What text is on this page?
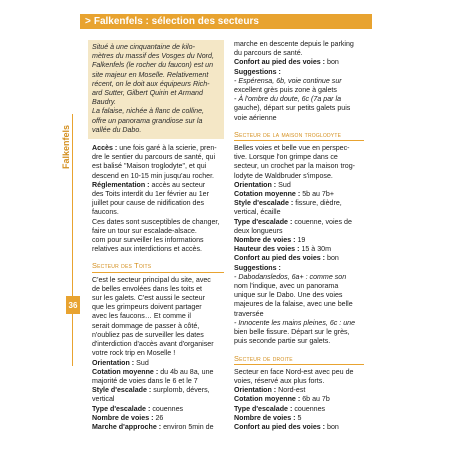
> Falkenfels : sélection des secteurs
Falkenfels
36

Situé à une cinquantaine de kilo-

mètres du massif des Vosges du Nord,

Falkenfels (le rocher du faucon) est un

site majeur en Moselle. Relativement

récent, on le doit aux équipeurs Rich-

ard Sutter, Gilbert Quirin et Armand

Baudry.

La falaise, nichée à flanc de colline,

offre un panorama grandiose sur la

vallée du Dabo.

Accès : une fois garé à la scierie, pren-

dre le sentier du parcours de santé, qui

est balisé "Maison troglodyte", et qui

descend en 10-15 min jusqu'au rocher.

Réglementation : accès au secteur

des Toits interdit du 1er février au 1er

juillet pour cause de nidification des

faucons.

Ces dates sont susceptibles de changer,

faire un tour sur escalade-alsace.

com pour surveiller les informations

relatives aux interdictions et accès.

Secteur des Toits

C'est le secteur principal du site, avec

de belles envolées dans les toits et

sur les galets. C'est aussi le secteur

que les grimpeurs doivent partager

avec les faucons… Et comme il

serait dommage de passer à côté,

n'oubliez pas de surveiller les dates

d'interdiction d'accès avant d'organiser

votre rock trip en Moselle !

Orientation : Sud

Cotation moyenne : du 4b au 8a, une

majorité de voies dans le 6 et le 7

Style d'escalade : surplomb, dévers,

vertical

Type d'escalade : couennes

Nombre de voies : 26

Marche d'approche : environ 5min de

marche en descente depuis le parking

du parcours de santé.

Confort au pied des voies : bon

Suggestions :

- Espérensa, 6b, voie continue sur

excellent grès puis zone à galets

- À l'ombre du doute, 6c (7a par la

gauche), départ sur petits galets puis

voie aérienne

Secteur de la maison troglodyte

Belles voies et belle vue en perspec-

tive. Lorsque l'on grimpe dans ce

secteur, un crochet par la maison trog-

lodyte de Waldbruder s'impose.

Orientation : Sud

Cotation moyenne : 5b au 7b+

Style d'escalade : fissure, dièdre,

vertical, écaille

Type d'escalade : couenne, voies de

deux longueurs

Nombre de voies : 19

Hauteur des voies : 15 à 30m

Confort au pied des voies : bon

Suggestions :

- Dabodansledos, 6a+ : comme son

nom l'indique, avec un panorama

unique sur le Dabo. Une des voies

majeures de la falaise, avec une belle

traversée

- Innocente les mains pleines, 6c : une

bien belle fissure. Départ sur le grès,

puis seconde partie sur galets.

Secteur de droite

Secteur en face Nord-est avec peu de

voies, réservé aux plus forts.

Orientation : Nord-est

Cotation moyenne : 6b au 7b

Type d'escalade : couennes

Nombre de voies : 5

Confort au pied des voies : bon
